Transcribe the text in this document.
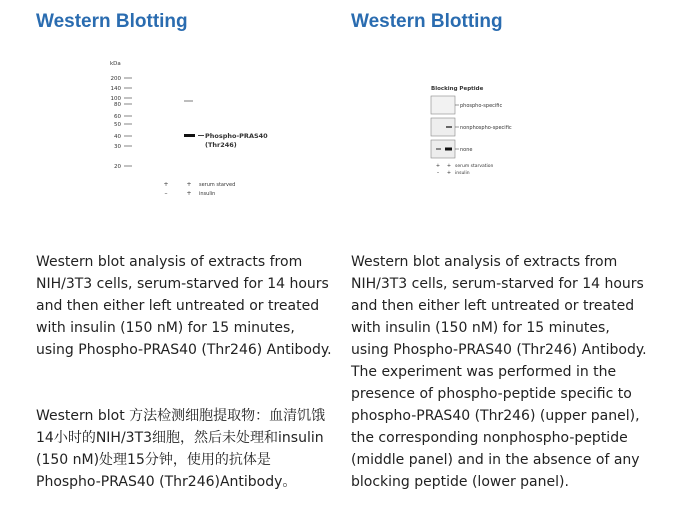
Western Blotting
kDa
200
140
100
80
60
50
40
30
20
Phospho-PRAS40
(Thr246)
+	+ serum starved
–	+ insulin

Western blot analysis of extracts from NIH/3T3 cells, serum-starved for 14 hours and then either left untreated or treated with insulin (150 nM) for 15 minutes, using Phospho-PRAS40 (Thr246) Antibody.

Western blot 方法检测细胞提取物：血清饥饿14小时的NIH/3T3细胞，然后未处理和insulin (150 nM)处理15分钟，使用的抗体是Phospho-PRAS40 (Thr246)Antibody。

Western Blotting
Blocking Peptide
phospho-specific
nonphospho-specific
none
+ + serum starvation
– + insulin

Western blot analysis of extracts from NIH/3T3 cells, serum-starved for 14 hours and then either left untreated or treated with insulin (150 nM) for 15 minutes, using Phospho-PRAS40 (Thr246) Antibody. The experiment was performed in the presence of phospho-peptide specific to phospho-PRAS40 (Thr246) (upper panel), the corresponding nonphospho-peptide (middle panel) and in the absence of any blocking peptide (lower panel).
